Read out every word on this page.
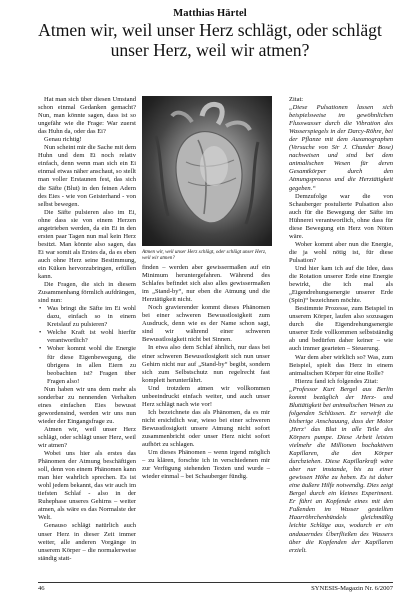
Matthias Härtel
Atmen wir, weil unser Herz schlägt, oder schlägt unser Herz, weil wir atmen?

Hat man sich über diesen Umstand schon einmal Gedanken gemacht? Nun, man könnte sagen, dass ist so ungefähr wie die Frage: War zuerst das Huhn da, oder das Ei?

Genau richtig!

Nun scheint mir die Sache mit dem Huhn und dem Ei noch relativ einfach, denn wenn man sich ein Ei einmal etwas näher anschaut, so stellt man voller Erstaunen fest, das sich die Säfte (Blut) in den feinen Adern des Eies - wie von Geisterhand - von selbst bewegen.

Die Säfte pulsieren also im Ei, ohne dass sie von einem Herzen angetrieben werden, da ein Ei in den ersten paar Tagen nun mal kein Herz besitzt. Man könnte also sagen, das Ei war somit als Erstes da, da es eben auch ohne Herz seine Bestimmung, ein Küken hervorzubringen, erfüllen kann.

Die Fragen, die sich in diesem Zusammenhang förmlich aufdrängen, sind nun:

• Was bringt die Säfte im Ei wohl dazu, einfach so in einem Kreislauf zu pulsieren?
• Welche Kraft ist wohl hierfür verantwortlich?
• Woher kommt wohl die Energie für diese Eigenbewegung, die übrigens in allen Eiern zu beobachten ist? Fragen über Fragen also!

Nun haben wir uns dem mehr als sonderbar zu nennenden Verhalten eines einfachen Eies bewusst gewordensind, werden wir uns nun wieder der Eingangsfrage zu.

Atmen wir, weil unser Herz schlägt, oder schlägt unser Herz, weil wir atmen?

Wobei uns hier als erstes das Phänomen der Atmung beschäftigen soll, denn von einem Phänomen kann man hier wahrlich sprechen. Es ist wohl jedem bekannt, das wir auch im tiefsten Schlaf - also in der Ruhephase unseres Gehirns – weiter atmen, als wäre es das Normalste der Welt.

Genauso schlägt natürlich auch unser Herz in dieser Zeit immer weiter, alle anderen Vorgänge in unserem Körper – die normalerweise ständig statt-

Atmen wir, weil unser Herz schlägt, oder schlägt unser Herz, weil wir atmen?

finden – werden aber gewissermaßen auf ein Minimum heruntergefahren. Während des Schlafes befindet sich also alles gewissermaßen im „Stand-by“, nur eben die Atmung und die Herztätigkeit nicht.

Noch gravierender kommt dieses Phänomen bei einer schweren Bewusstlosigkeit zum Ausdruck, denn wie es der Name schon sagt, sind wir während einer schweren Bewusstlosigkeit nicht bei Sinnen.

In etwa also dem Schlaf ähnlich, nur dass bei einer schweren Bewusstlosigkeit sich nun unser Gehirn nicht nur auf „Stand-by“ begibt, sondern sich zum Selbstschutz nun regelrecht fast komplett herunterfährt.

Und trotzdem atmen wir vollkommen unbeeindruckt einfach weiter, und auch unser Herz schlägt nach wie vor!

Ich bezeichnete das als Phänomen, da es mir nicht ersichtlich war, wieso bei einer schweren Bewusstlosigkeit unsere Atmung nicht sofort zusammenbricht oder unser Herz nicht sofort aufhört zu schlagen.

Um dieses Phänomen – wenn irgend möglich – zu klären, forschte ich in verschiedenen mir zur Verfügung stehenden Texten und wurde – wieder einmal – bei Schauberger fündig.

Zitat:

„Diese Pulsationen lassen sich beispielsweise im gewöhnlichen Flusswasser durch die Vibration des Wasserspiegels in der Darcy-Röhre, bei der Pflanze mit dem Auxanographen (Versuche von Sir J. Chunder Bose) nachweisen und sind bei dem animalischen Wesen für deren Gesamtkörper durch den Atmungsprozess und die Herztätigkeit gegeben.“

Demzufolge war die von Schauberger postulierte Pulsation also auch für die Bewegung der Säfte im Hühnerei verantwortlich, ohne dass für diese Bewegung ein Herz von Nöten wäre.

Woher kommt aber nun die Energie, die ja wohl nötig ist, für diese Pulsation?

Und hier kam ich auf die Idee, dass die Rotation unserer Erde eine Energie bewirkt, die ich mal als „Eigendrehungsenergie unserer Erde (Spin)“ bezeichnen möchte.

Bestimmte Prozesse, zum Beispiel in unserem Körper, laufen also sozusagen durch die Eigendrehungsenergie unserer Erde vollkommen selbstständig ab und bedürfen daher keiner – wie auch immer gearteten – Steuerung.

War dem aber wirklich so? Was, zum Beispiel, spielt das Herz in einem animalischen Körper für eine Rolle?

Hierzu fand ich folgendes Zitat:

„Professor Kurt Bergel aus Berlin kommt bezüglich der Herz- und Bluttätigkeit bei animalischen Wesen zu folgenden Schlüssen. Er verwirft die bisherige Anschauung, dass der Motor ‚Herz‘ das Blut in alle Teile des Körpers pumpe. Diese Arbeit leisten vielmehr die Millionen hochaktiven Kapillaren, die den Körper durchziehen. Diese Kapillarkraft wäre aber nur imstande, bis zu einer gewissen Höhe zu heben. Es ist daher eine äußere Hilfe notwendig. Dies zeigt Bergel durch ein kleines Experiment. Er führt an Kopfende eines mit den Fußenden im Wasser gestellten Haarröhrchenbündels gleichmäßig leichte Schläge aus, wodurch er ein andauerndes Überfließen des Wassers über die Kopfenden der Kapillaren erzielt.

46	SYNESIS-Magazin Nr. 6/2007
